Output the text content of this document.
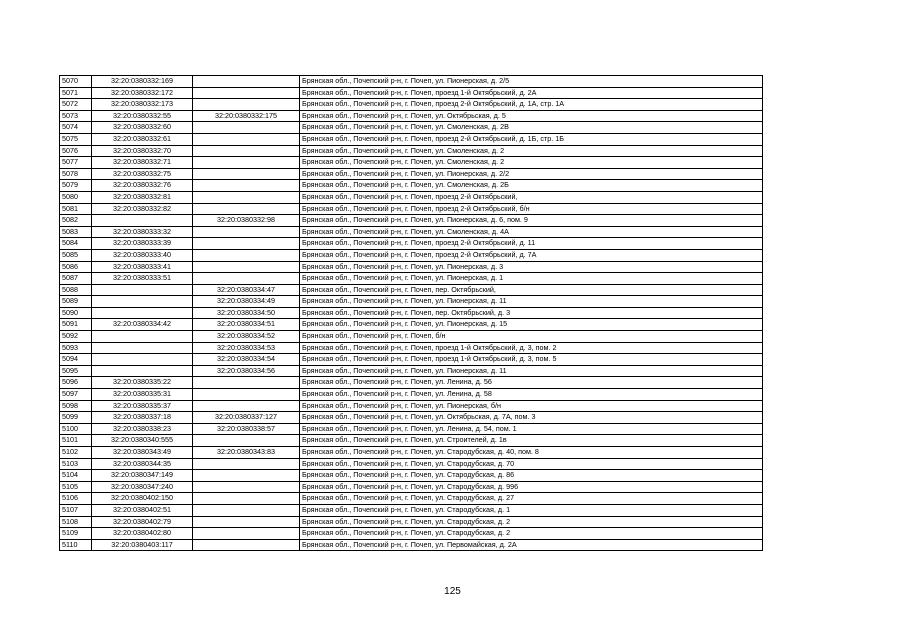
5070	32:20:0380332:169		Брянская обл., Почепский р-н, г. Почеп, ул. Пионерская, д. 2/5
5071	32:20:0380332:172		Брянская обл., Почепский р-н, г. Почеп, проезд 1-й Октябрьский, д. 2А
5072	32:20:0380332:173		Брянская обл., Почепский р-н, г. Почеп, проезд 2-й Октябрьский, д. 1А, стр. 1А
5073	32:20:0380332:55	32:20:0380332:175	Брянская обл., Почепский р-н, г. Почеп, ул. Октябрьская, д. 5
5074	32:20:0380332:60		Брянская обл., Почепский р-н, г. Почеп, ул. Смоленская, д. 2В
5075	32:20:0380332:61		Брянская обл., Почепский р-н, г. Почеп, проезд 2-й Октябрьский, д. 1Б, стр. 1Б
5076	32:20:0380332:70		Брянская обл., Почепский р-н, г. Почеп, ул. Смоленская, д. 2
5077	32:20:0380332:71		Брянская обл., Почепский р-н, г. Почеп, ул. Смоленская, д. 2
5078	32:20:0380332:75		Брянская обл., Почепский р-н, г. Почеп, ул. Пионерская, д. 2/2
5079	32:20:0380332:76		Брянская обл., Почепский р-н, г. Почеп, ул. Смоленская, д. 2Б
5080	32:20:0380332:81		Брянская обл., Почепский р-н, г. Почеп, проезд 2-й Октябрьский,
5081	32:20:0380332:82		Брянская обл., Почепский р-н, г. Почеп, проезд 2-й Октябрьский, б/н
5082		32:20:0380332:98	Брянская обл., Почепский р-н, г. Почеп, ул. Пионерская, д. 6, пом. 9
5083	32:20:0380333:32		Брянская обл., Почепский р-н, г. Почеп, ул. Смоленская, д. 4А
5084	32:20:0380333:39		Брянская обл., Почепский р-н, г. Почеп, проезд 2-й Октябрьский, д. 11
5085	32:20:0380333:40		Брянская обл., Почепский р-н, г. Почеп, проезд 2-й Октябрьский, д. 7А
5086	32:20:0380333:41		Брянская обл., Почепский р-н, г. Почеп, ул. Пионерская, д. 3
5087	32:20:0380333:51		Брянская обл., Почепский р-н, г. Почеп, ул. Пионерская, д. 1
5088		32:20:0380334:47	Брянская обл., Почепский р-н, г. Почеп, пер. Октябрьский,
5089		32:20:0380334:49	Брянская обл., Почепский р-н, г. Почеп, ул. Пионерская, д. 11
5090		32:20:0380334:50	Брянская обл., Почепский р-н, г. Почеп, пер. Октябрьский, д. 3
5091	32:20:0380334:42	32:20:0380334:51	Брянская обл., Почепский р-н, г. Почеп, ул. Пионерская, д. 15
5092		32:20:0380334:52	Брянская обл., Почепский р-н, г. Почеп, б/н
5093		32:20:0380334:53	Брянская обл., Почепский р-н, г. Почеп, проезд 1-й Октябрьский, д. 3, пом. 2
5094		32:20:0380334:54	Брянская обл., Почепский р-н, г. Почеп, проезд 1-й Октябрьский, д. 3, пом. 5
5095		32:20:0380334:56	Брянская обл., Почепский р-н, г. Почеп, ул. Пионерская, д. 11
5096	32:20:0380335:22		Брянская обл., Почепский р-н, г. Почеп, ул. Ленина, д. 56
5097	32:20:0380335:31		Брянская обл., Почепский р-н, г. Почеп, ул. Ленина, д. 58
5098	32:20:0380335:37		Брянская обл., Почепский р-н, г. Почеп, ул. Пионерская, б/н
5099	32:20:0380337:18	32:20:0380337:127	Брянская обл., Почепский р-н, г. Почеп, ул. Октябрьская, д. 7А, пом. 3
5100	32:20:0380338:23	32:20:0380338:57	Брянская обл., Почепский р-н, г. Почеп, ул. Ленина, д. 54, пом. 1
5101	32:20:0380340:555		Брянская обл., Почепский р-н, г. Почеп, ул. Строителей, д. 1в
5102	32:20:0380343:49	32:20:0380343:83	Брянская обл., Почепский р-н, г. Почеп, ул. Стародубская, д. 40, пом. 8
5103	32:20:0380344:35		Брянская обл., Почепский р-н, г. Почеп, ул. Стародубская, д. 70
5104	32:20:0380347:149		Брянская обл., Почепский р-н, г. Почеп, ул. Стародубская, д. 86
5105	32:20:0380347:240		Брянская обл., Почепский р-н, г. Почеп, ул. Стародубская, д. 996
5106	32:20:0380402:150		Брянская обл., Почепский р-н, г. Почеп, ул. Стародубская, д. 27
5107	32:20:0380402:51		Брянская обл., Почепский р-н, г. Почеп, ул. Стародубская, д. 1
5108	32:20:0380402:79		Брянская обл., Почепский р-н, г. Почеп, ул. Стародубская, д. 2
5109	32:20:0380402:80		Брянская обл., Почепский р-н, г. Почеп, ул. Стародубская, д. 2
5110	32:20:0380403:117		Брянская обл., Почепский р-н, г. Почеп, ул. Первомайская, д. 2А
125
